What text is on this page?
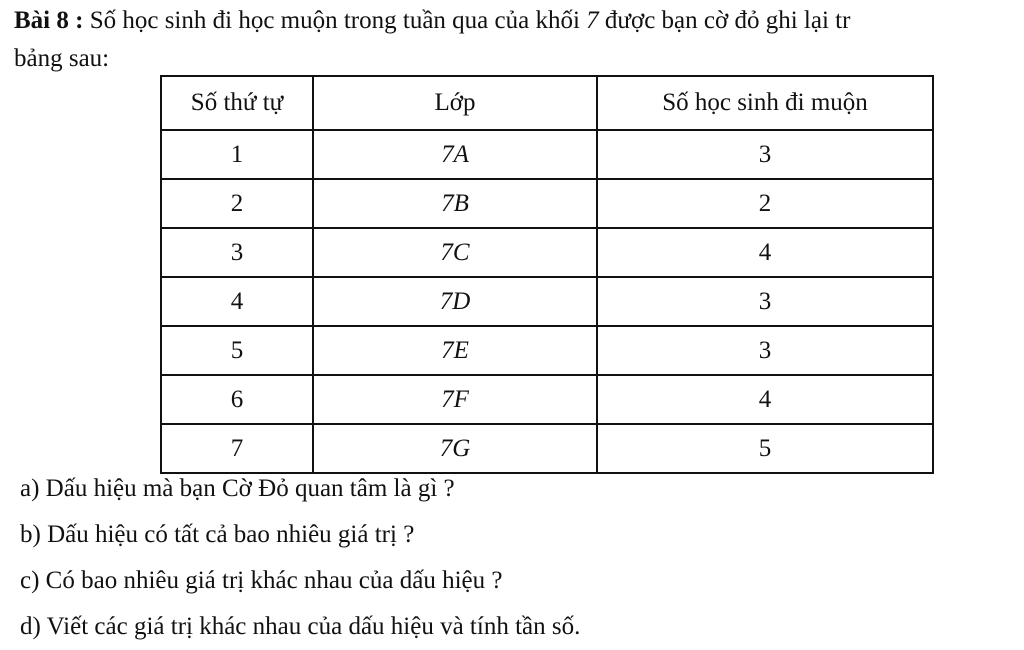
Bài 8 : Số học sinh đi học muộn trong tuần qua của khối 7 được bạn cờ đỏ ghi lại tr
bảng sau:
Số thứ tự	Lớp	Số học sinh đi muộn
1	7A	3
2	7B	2
3	7C	4
4	7D	3
5	7E	3
6	7F	4
7	7G	5
a) Dấu hiệu mà bạn Cờ Đỏ quan tâm là gì ?
b) Dấu hiệu có tất cả bao nhiêu giá trị ?
c) Có bao nhiêu giá trị khác nhau của dấu hiệu ?
d) Viết các giá trị khác nhau của dấu hiệu và tính tần số.
